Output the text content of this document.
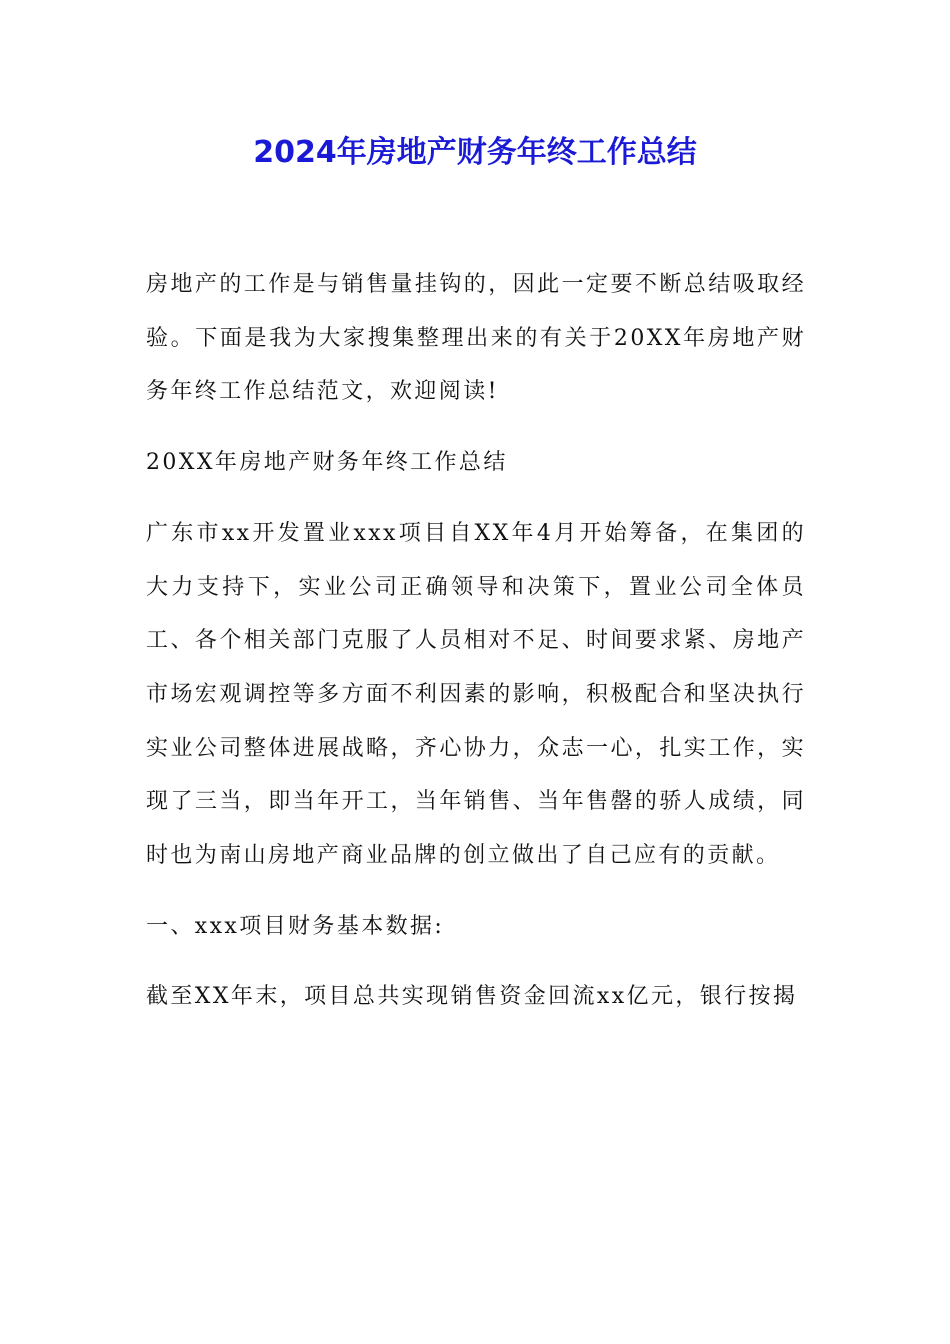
2024年房地产财务年终工作总结

房地产的工作是与销售量挂钩的，因此一定要不断总结吸取经验。下面是我为大家搜集整理出来的有关于20XX年房地产财务年终工作总结范文，欢迎阅读!

20XX年房地产财务年终工作总结

广东市xx开发置业xxx项目自XX年4月开始筹备，在集团的大力支持下，实业公司正确领导和决策下，置业公司全体员工、各个相关部门克服了人员相对不足、时间要求紧、房地产市场宏观调控等多方面不利因素的影响，积极配合和坚决执行实业公司整体进展战略，齐心协力，众志一心，扎实工作，实现了三当，即当年开工，当年销售、当年售罄的骄人成绩，同时也为南山房地产商业品牌的创立做出了自己应有的贡献。

一、xxx项目财务基本数据:

截至XX年末，项目总共实现销售资金回流xx亿元，银行按揭
